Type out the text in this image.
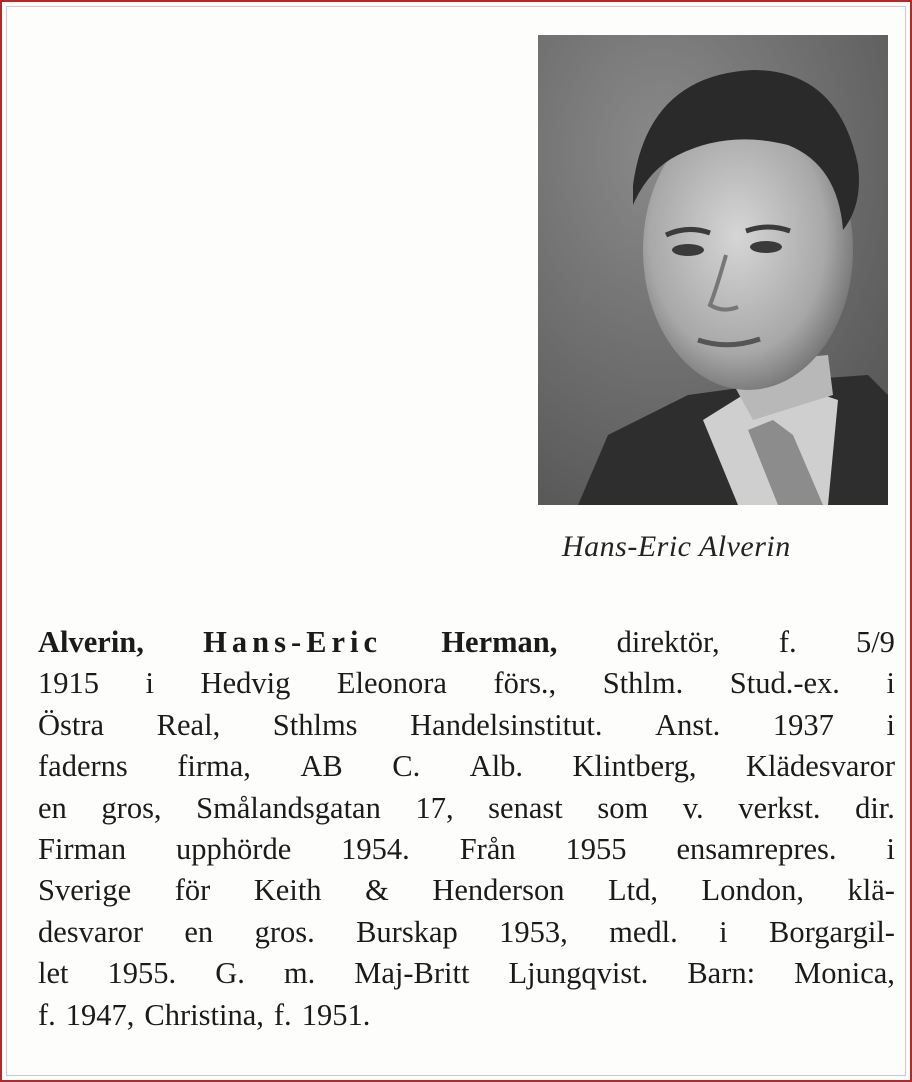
Hans-Eric Alverin
Alverin, Hans-Eric Herman, direktör, f. 5/9
1915 i Hedvig Eleonora förs., Sthlm. Stud.-ex. i
Östra Real, Sthlms Handelsinstitut. Anst. 1937 i
faderns firma, AB C. Alb. Klintberg, Klädesvaror
en gros, Smålandsgatan 17, senast som v. verkst. dir.
Firman upphörde 1954. Från 1955 ensamrepres. i
Sverige för Keith & Henderson Ltd, London, klä-
desvaror en gros. Burskap 1953, medl. i Borgargil-
let 1955. G. m. Maj-Britt Ljungqvist. Barn: Monica,
f. 1947, Christina, f. 1951.
